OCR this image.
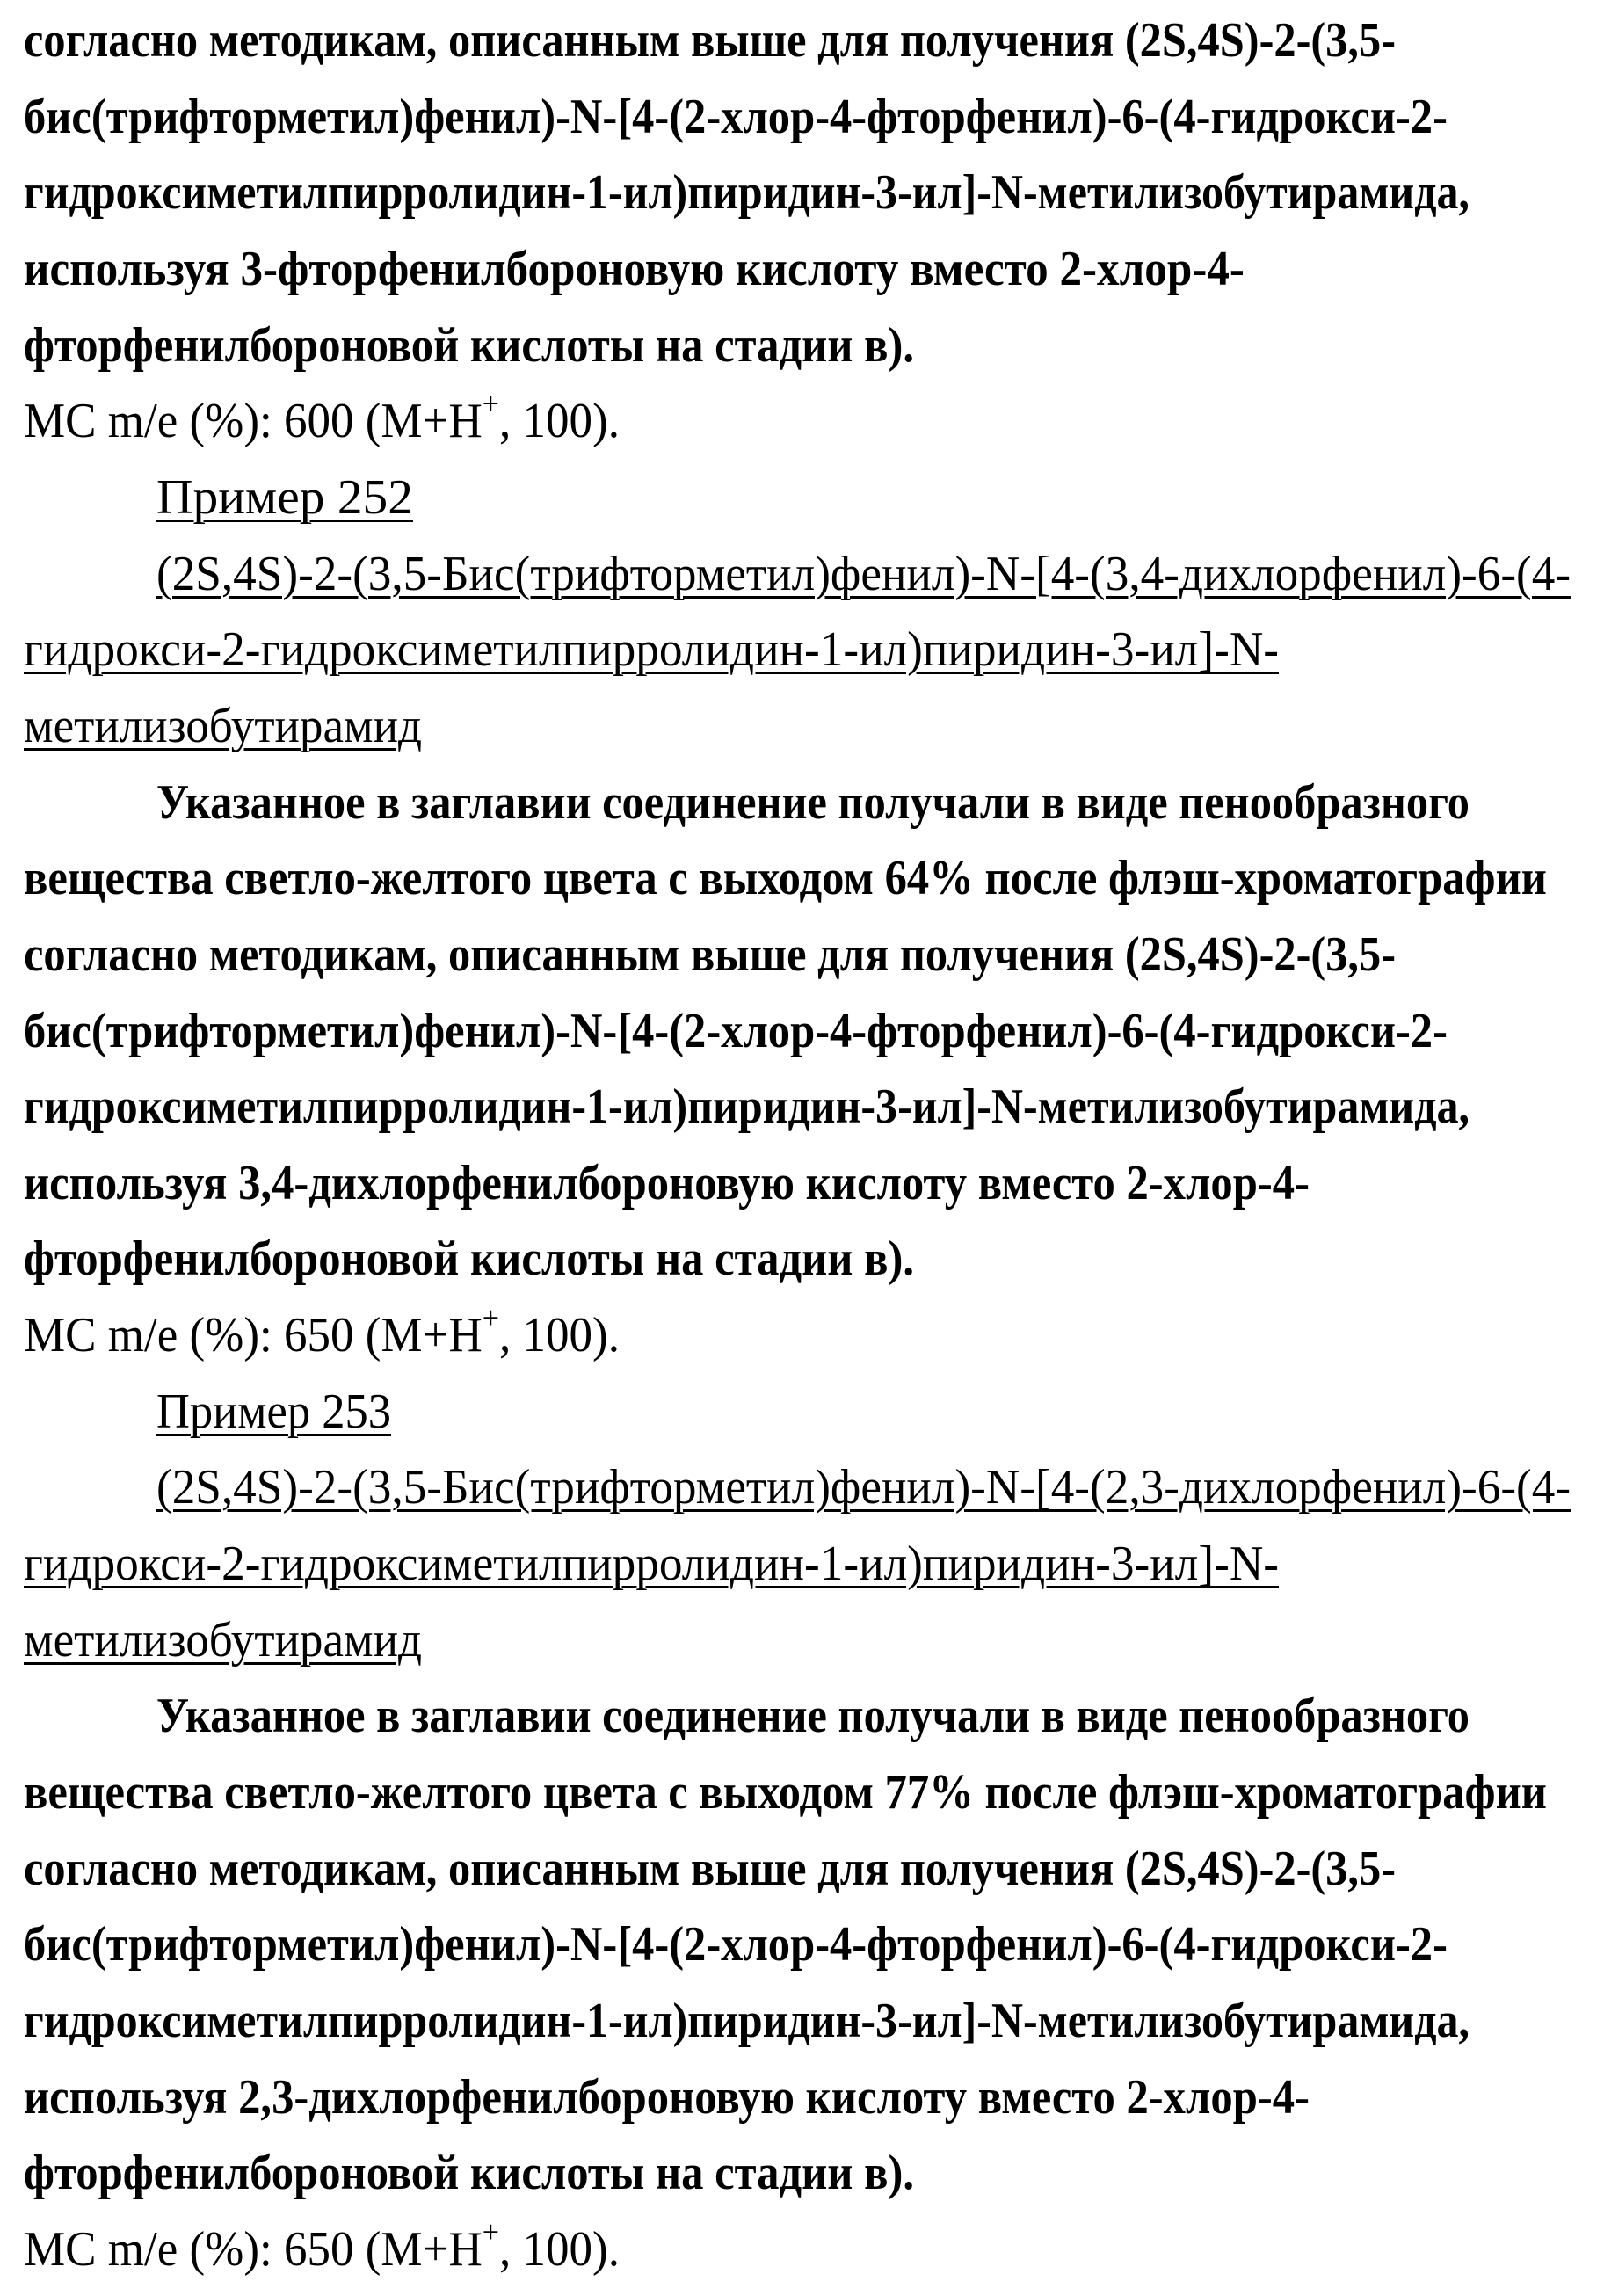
согласно методикам, описанным выше для получения (2S,4S)-2-(3,5-
бис(трифторметил)фенил)-N-[4-(2-хлор-4-фторфенил)-6-(4-гидрокси-2-
гидроксиметилпирролидин-1-ил)пиридин-3-ил]-N-метилизобутирамида,
используя 3-фторфенилбороновую кислоту вместо 2-хлор-4-
фторфенилбороновой кислоты на стадии в).
МС m/e (%): 600 (M+H+, 100).
Пример 252
(2S,4S)-2-(3,5-Бис(трифторметил)фенил)-N-[4-(3,4-дихлорфенил)-6-(4-
гидрокси-2-гидроксиметилпирролидин-1-ил)пиридин-3-ил]-N-
метилизобутирамид
Указанное в заглавии соединение получали в виде пенообразного
вещества светло-желтого цвета с выходом 64% после флэш-хроматографии
согласно методикам, описанным выше для получения (2S,4S)-2-(3,5-
бис(трифторметил)фенил)-N-[4-(2-хлор-4-фторфенил)-6-(4-гидрокси-2-
гидроксиметилпирролидин-1-ил)пиридин-3-ил]-N-метилизобутирамида,
используя 3,4-дихлорфенилбороновую кислоту вместо 2-хлор-4-
фторфенилбороновой кислоты на стадии в).
МС m/e (%): 650 (M+H+, 100).
Пример 253
(2S,4S)-2-(3,5-Бис(трифторметил)фенил)-N-[4-(2,3-дихлорфенил)-6-(4-
гидрокси-2-гидроксиметилпирролидин-1-ил)пиридин-3-ил]-N-
метилизобутирамид
Указанное в заглавии соединение получали в виде пенообразного
вещества светло-желтого цвета с выходом 77% после флэш-хроматографии
согласно методикам, описанным выше для получения (2S,4S)-2-(3,5-
бис(трифторметил)фенил)-N-[4-(2-хлор-4-фторфенил)-6-(4-гидрокси-2-
гидроксиметилпирролидин-1-ил)пиридин-3-ил]-N-метилизобутирамида,
используя 2,3-дихлорфенилбороновую кислоту вместо 2-хлор-4-
фторфенилбороновой кислоты на стадии в).
МС m/e (%): 650 (M+H+, 100).
